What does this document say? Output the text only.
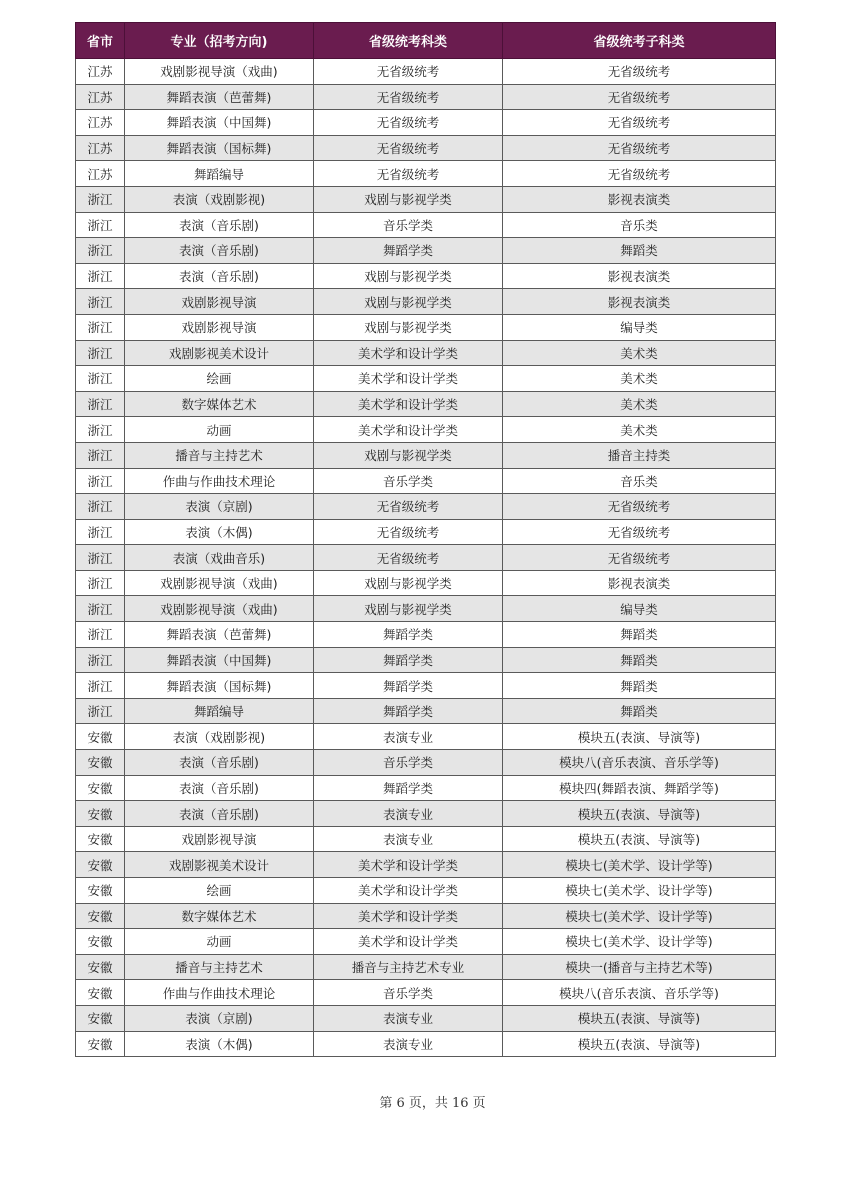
省市	专业（招考方向)	省级统考科类	省级统考子科类
江苏	戏剧影视导演（戏曲)	无省级统考	无省级统考
江苏	舞蹈表演（芭蕾舞)	无省级统考	无省级统考
江苏	舞蹈表演（中国舞)	无省级统考	无省级统考
江苏	舞蹈表演（国标舞)	无省级统考	无省级统考
江苏	舞蹈编导	无省级统考	无省级统考
浙江	表演（戏剧影视)	戏剧与影视学类	影视表演类
浙江	表演（音乐剧)	音乐学类	音乐类
浙江	表演（音乐剧)	舞蹈学类	舞蹈类
浙江	表演（音乐剧)	戏剧与影视学类	影视表演类
浙江	戏剧影视导演	戏剧与影视学类	影视表演类
浙江	戏剧影视导演	戏剧与影视学类	编导类
浙江	戏剧影视美术设计	美术学和设计学类	美术类
浙江	绘画	美术学和设计学类	美术类
浙江	数字媒体艺术	美术学和设计学类	美术类
浙江	动画	美术学和设计学类	美术类
浙江	播音与主持艺术	戏剧与影视学类	播音主持类
浙江	作曲与作曲技术理论	音乐学类	音乐类
浙江	表演（京剧)	无省级统考	无省级统考
浙江	表演（木偶)	无省级统考	无省级统考
浙江	表演（戏曲音乐)	无省级统考	无省级统考
浙江	戏剧影视导演（戏曲)	戏剧与影视学类	影视表演类
浙江	戏剧影视导演（戏曲)	戏剧与影视学类	编导类
浙江	舞蹈表演（芭蕾舞)	舞蹈学类	舞蹈类
浙江	舞蹈表演（中国舞)	舞蹈学类	舞蹈类
浙江	舞蹈表演（国标舞)	舞蹈学类	舞蹈类
浙江	舞蹈编导	舞蹈学类	舞蹈类
安徽	表演（戏剧影视)	表演专业	模块五(表演、导演等)
安徽	表演（音乐剧)	音乐学类	模块八(音乐表演、音乐学等)
安徽	表演（音乐剧)	舞蹈学类	模块四(舞蹈表演、舞蹈学等)
安徽	表演（音乐剧)	表演专业	模块五(表演、导演等)
安徽	戏剧影视导演	表演专业	模块五(表演、导演等)
安徽	戏剧影视美术设计	美术学和设计学类	模块七(美术学、设计学等)
安徽	绘画	美术学和设计学类	模块七(美术学、设计学等)
安徽	数字媒体艺术	美术学和设计学类	模块七(美术学、设计学等)
安徽	动画	美术学和设计学类	模块七(美术学、设计学等)
安徽	播音与主持艺术	播音与主持艺术专业	模块一(播音与主持艺术等)
安徽	作曲与作曲技术理论	音乐学类	模块八(音乐表演、音乐学等)
安徽	表演（京剧)	表演专业	模块五(表演、导演等)
安徽	表演（木偶)	表演专业	模块五(表演、导演等)
第 6 页，共 16 页
